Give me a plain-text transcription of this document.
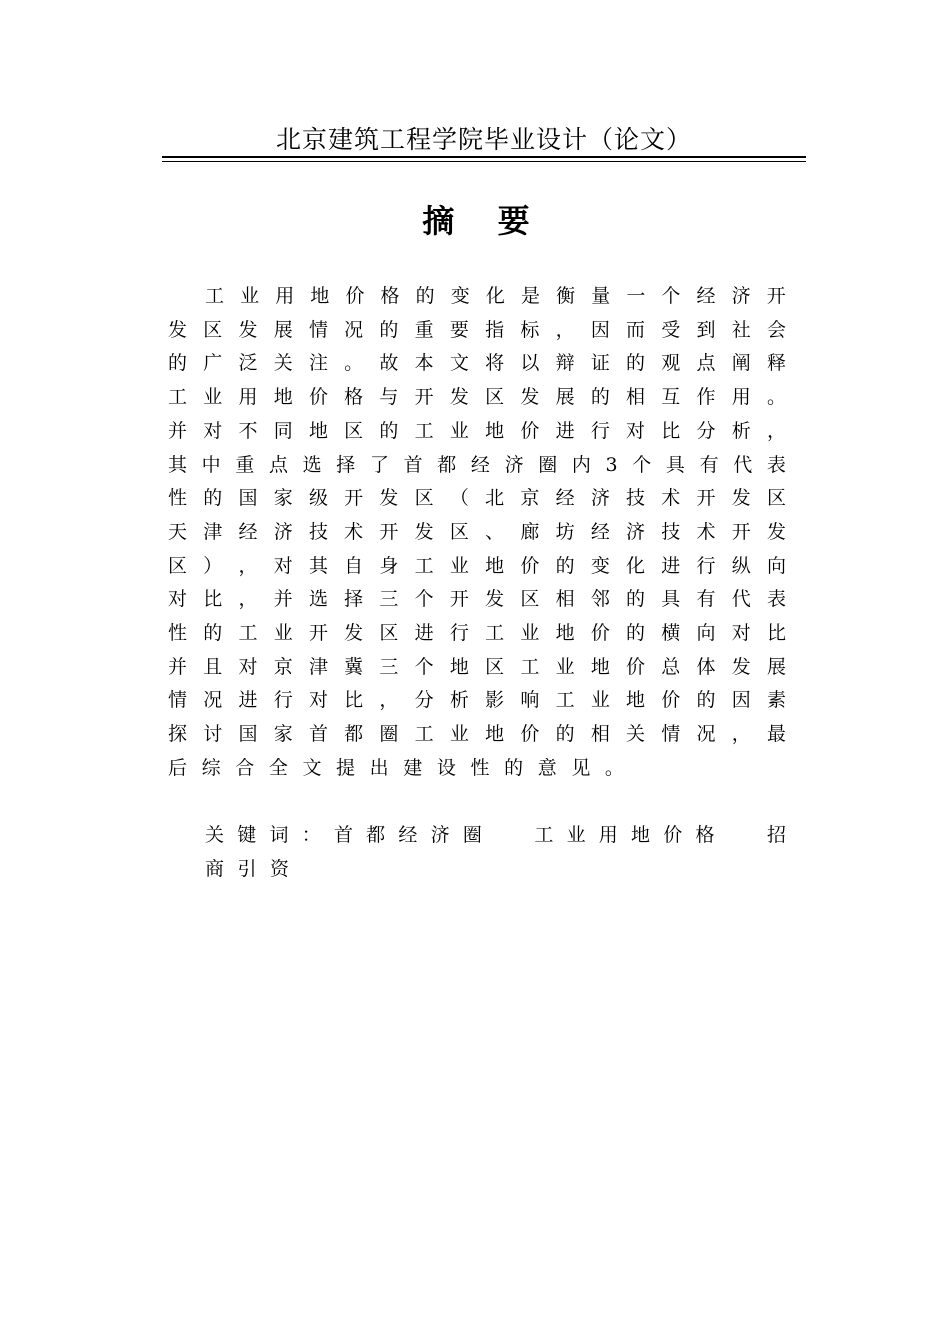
北京建筑工程学院毕业设计（论文）
摘 要
工 业 用 地 价 格 的 变 化 是 衡 量 一 个 经 济 开
发 区 发 展 情 况 的 重 要 指 标 ， 因 而 受 到 社 会
的 广 泛 关 注 。 故 本 文 将 以 辩 证 的 观 点 阐 释
工 业 用 地 价 格 与 开 发 区 发 展 的 相 互 作 用 。
并 对 不 同 地 区 的 工 业 地 价 进 行 对 比 分 析 ，
其 中 重 点 选 择 了 首 都 经 济 圈 内 3 个 具 有 代 表
性 的 国 家 级 开 发 区 （ 北 京 经 济 技 术 开 发 区
天 津 经 济 技 术 开 发 区 、 廊 坊 经 济 技 术 开 发
区 ） ， 对 其 自 身 工 业 地 价 的 变 化 进 行 纵 向
对 比 ， 并 选 择 三 个 开 发 区 相 邻 的 具 有 代 表
性 的 工 业 开 发 区 进 行 工 业 地 价 的 横 向 对 比
并 且 对 京 津 冀 三 个 地 区 工 业 地 价 总 体 发 展
情 况 进 行 对 比 ， 分 析 影 响 工 业 地 价 的 因 素
探 讨 国 家 首 都 圈 工 业 地 价 的 相 关 情 况 ， 最
后 综 合 全 文 提 出 建 设 性 的 意 见 。
关 键 词 ： 首 都 经 济 圈	工 业 用 地 价 格	招
商 引 资
